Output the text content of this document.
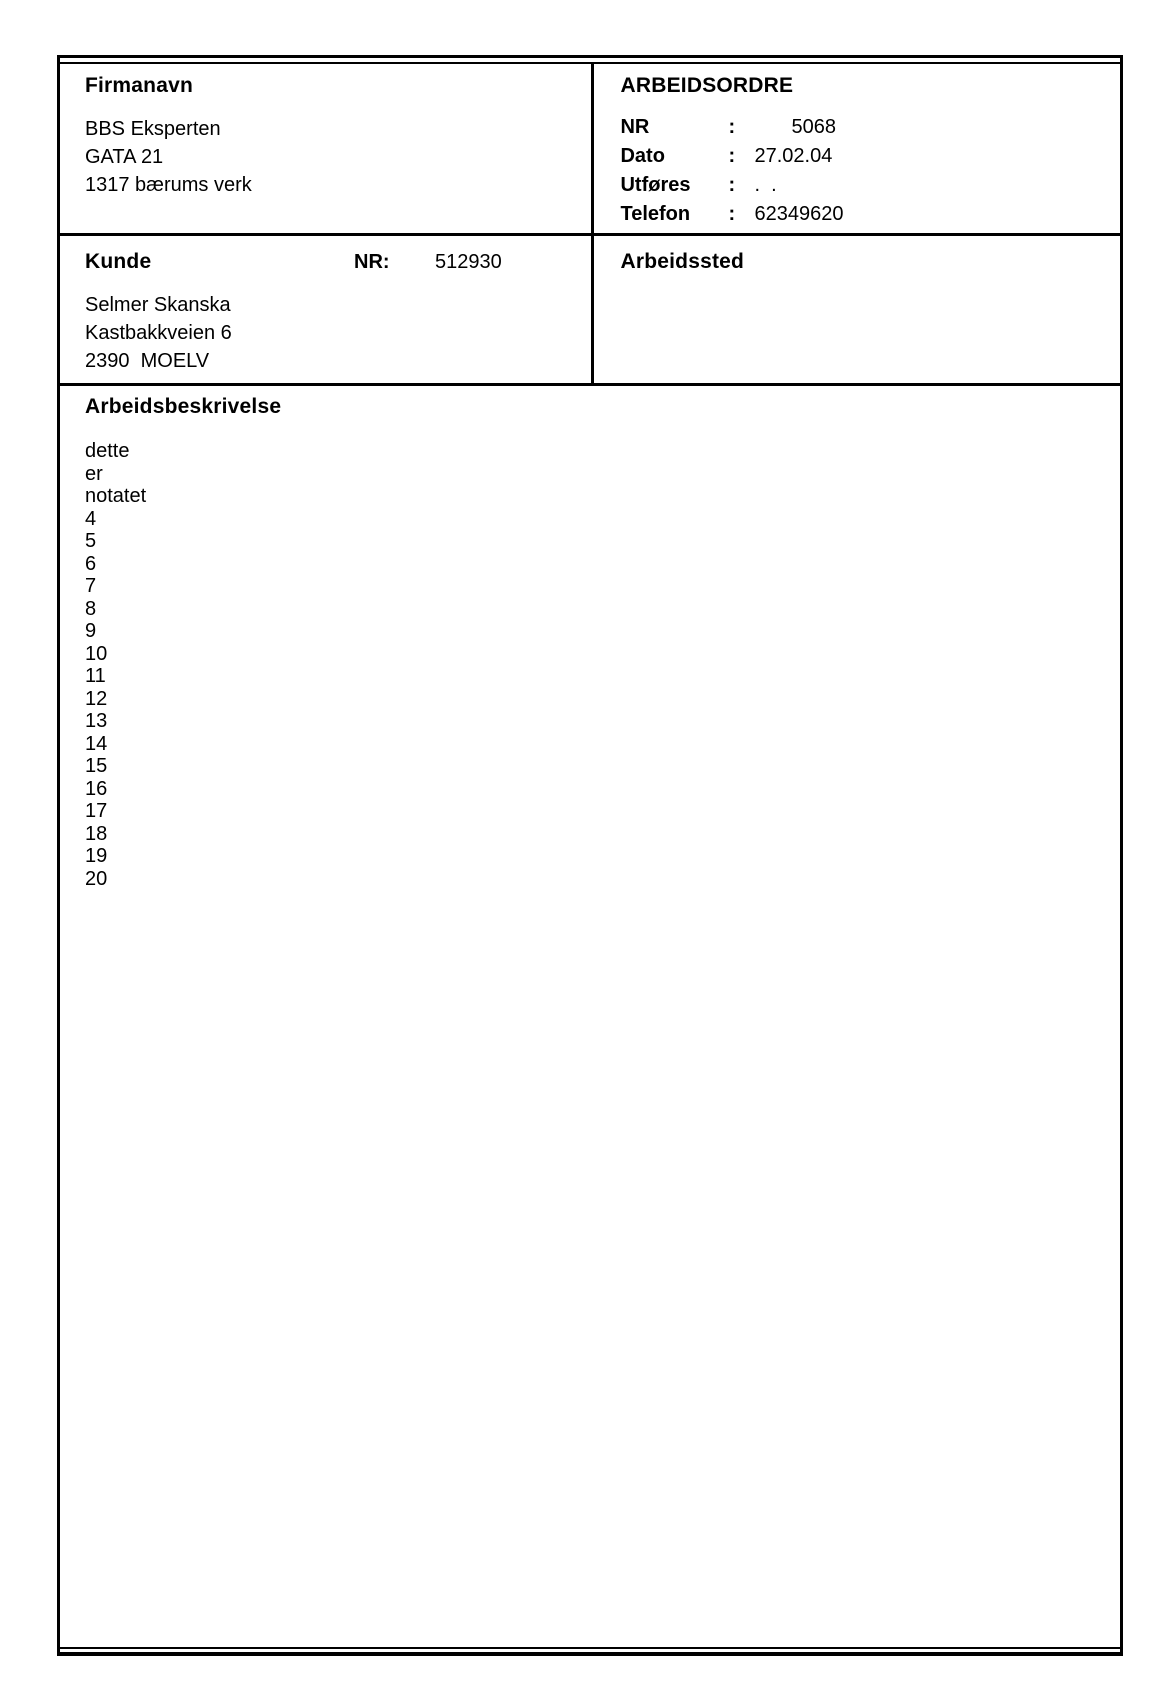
Firmanavn
BBS Eksperten
GATA 21
1317 bærums verk
Kunde	NR: 512930
Selmer Skanska
Kastbakkveien 6
2390  MOELV
ARBEIDSORDRE
NR	:	5068
Dato	: 27.02.04
Utføres	: .  .
Telefon	: 62349620
Arbeidssted
Arbeidsbeskrivelse
dette
er
notatet
4
5
6
7
8
9
10
11
12
13
14
15
16
17
18
19
20
